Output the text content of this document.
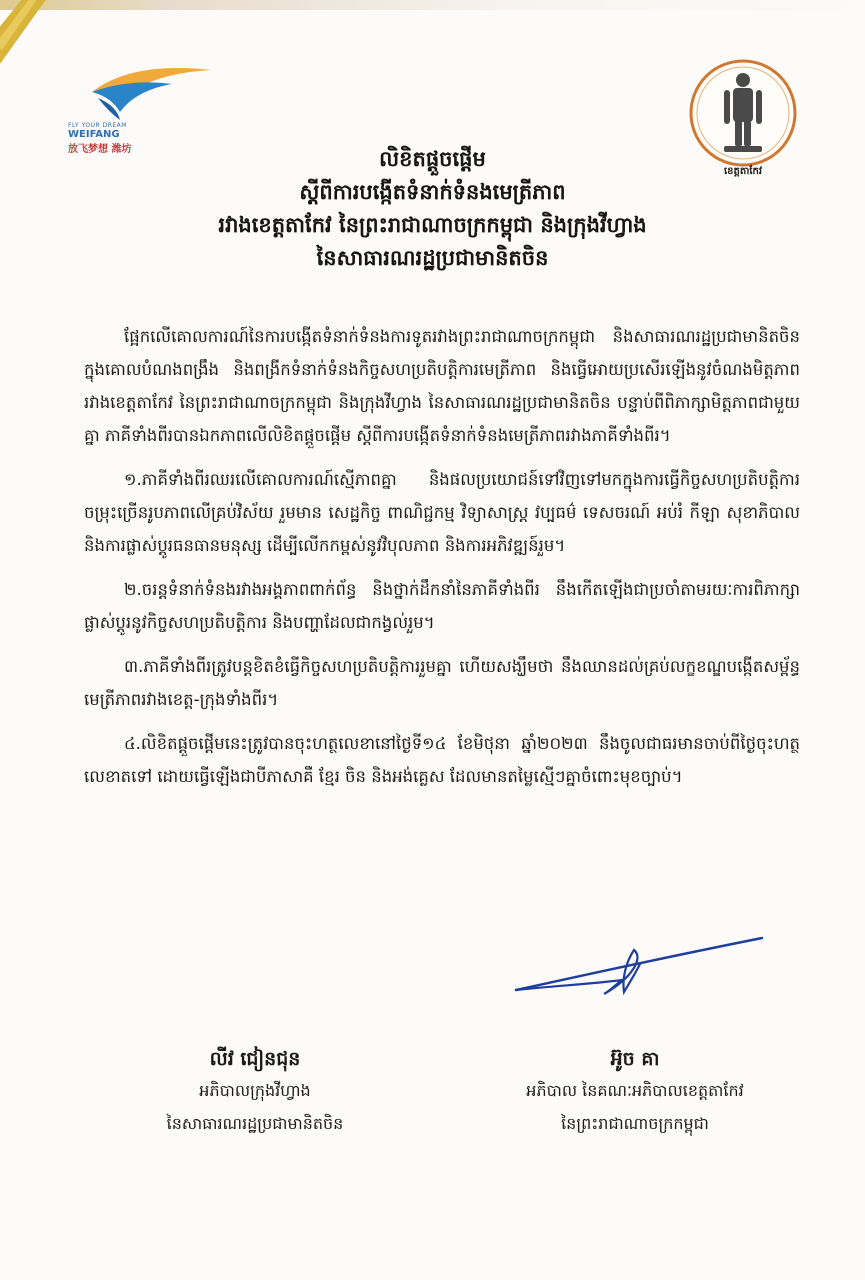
FLY YOUR DREAM
WEIFANG
放飞梦想 潍坊
ខេត្តតាកែវ
លិខិតផ្តួចផ្តើម
ស្តីពីការបង្កើតទំនាក់ទំនងមេត្រីភាព
រវាងខេត្តតាកែវ នៃព្រះរាជាណាចក្រកម្ពុជា និងក្រុងវីហ្វាង
នៃសាធារណរដ្ឋប្រជាមានិតចិន

ផ្អែកលើគោលការណ៍នៃការបង្កើតទំនាក់ទំនងការទូតរវាងព្រះរាជាណាចក្រកម្ពុជា និងសាធារណរដ្ឋប្រជាមានិតចិន ក្នុងគោលបំណងពង្រឹង និងពង្រីកទំនាក់ទំនងកិច្ចសហប្រតិបត្តិការមេត្រីភាព និងធ្វើអោយប្រសើរឡើងនូវចំណងមិត្តភាពរវាងខេត្តតាកែវ នៃព្រះរាជាណាចក្រកម្ពុជា និងក្រុងវីហ្វាង នៃសាធារណរដ្ឋប្រជាមានិតចិន បន្ទាប់ពីពិភាក្សាមិត្តភាពជាមួយគ្នា ភាគីទាំងពីរបានឯកភាពលើលិខិតផ្តួចផ្តើម ស្តីពីការបង្កើតទំនាក់ទំនងមេត្រីភាពរវាងភាគីទាំងពីរ។

១.ភាគីទាំងពីរឈរលើគោលការណ៍ស្មើភាពគ្នា និងផលប្រយោជន៍ទៅវិញទៅមកក្នុងការធ្វើកិច្ចសហប្រតិបត្តិការចម្រុះច្រើនរូបភាពលើគ្រប់វិស័យ រួមមាន សេដ្ឋកិច្ច ពាណិជ្ជកម្ម វិទ្យាសាស្ត្រ វប្បធម៌ ទេសចរណ៍ អប់រំ កីឡា សុខាភិបាល និងការផ្លាស់ប្តូរធនធានមនុស្ស ដើម្បីលើកកម្ពស់នូវវិបុលភាព និងការអភិវឌ្ឍន៍រួម។

២.ចរន្តទំនាក់ទំនងរវាងអង្គភាពពាក់ព័ន្ធ និងថ្នាក់ដឹកនាំនៃភាគីទាំងពីរ នឹងកើតឡើងជាប្រចាំតាមរយៈការពិភាក្សាផ្លាស់ប្តូរនូវកិច្ចសហប្រតិបត្តិការ និងបញ្ហាដែលជាកង្វល់រួម។

៣.ភាគីទាំងពីរត្រូវបន្តខិតខំធ្វើកិច្ចសហប្រតិបត្តិការរួមគ្នា ហើយសង្ឃឹមថា នឹងឈានដល់គ្រប់លក្ខខណ្ឌបង្កើតសម្ព័ន្ធមេត្រីភាពរវាងខេត្ត-ក្រុងទាំងពីរ។

៤.លិខិតផ្តួចផ្តើមនេះត្រូវបានចុះហត្ថលេខានៅថ្ងៃទី១៤ ខែមិថុនា ឆ្នាំ២០២៣ នឹងចូលជាធរមានចាប់ពីថ្ងៃចុះហត្ថលេខាតទៅ ដោយធ្វើឡើងជាបីភាសាគឺ ខ្មែរ ចិន និងអង់គ្លេស ដែលមានតម្លៃស្មើៗគ្នាចំពោះមុខច្បាប់។

លីវ ជៀនជុន
អភិបាលក្រុងវីហ្វាង
នៃសាធារណរដ្ឋប្រជាមានិតចិន
អ៊ូច គា
អភិបាល នៃគណៈអភិបាលខេត្តតាកែវ
នៃព្រះរាជាណាចក្រកម្ពុជា
